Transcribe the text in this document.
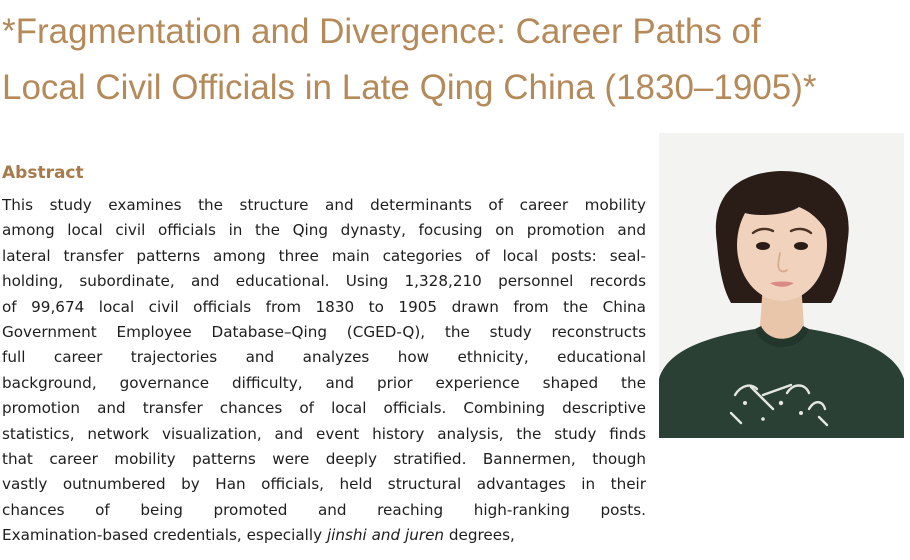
*Fragmentation and Divergence: Career Paths of
Local Civil Officials in Late Qing China (1830–1905)*
Abstract
This study examines the structure and determinants of career mobility
among local civil officials in the Qing dynasty, focusing on promotion and
lateral transfer patterns among three main categories of local posts: seal-
holding, subordinate, and educational. Using 1,328,210 personnel records
of 99,674 local civil officials from 1830 to 1905 drawn from the China
Government Employee Database–Qing (CGED-Q), the study reconstructs
full career trajectories and analyzes how ethnicity, educational
background, governance difficulty, and prior experience shaped the
promotion and transfer chances of local officials. Combining descriptive
statistics, network visualization, and event history analysis, the study finds
that career mobility patterns were deeply stratified. Bannermen, though
vastly outnumbered by Han officials, held structural advantages in their
chances of being promoted and reaching high-ranking posts.
Examination-based credentials, especially jinshi and juren degrees,
